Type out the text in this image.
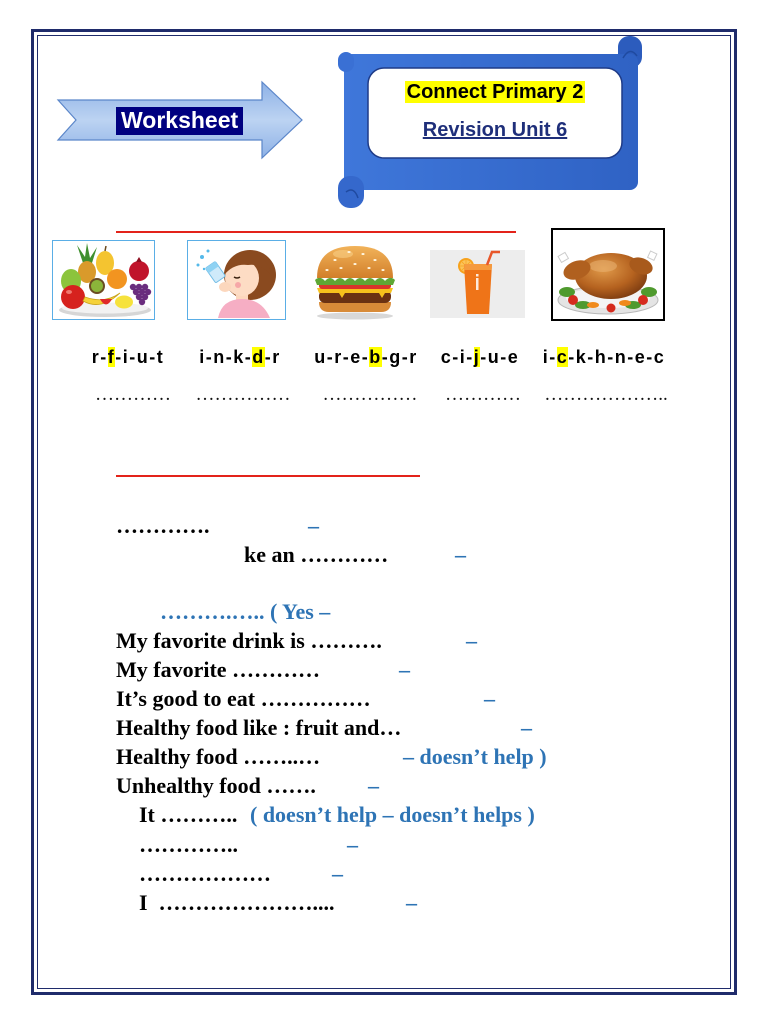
Worksheet
Connect Primary 2
Revision Unit 6
r-f-i-u-t	i-n-k-d-r	u-r-e-b-g-r	c-i-j-u-e	i-c-k-h-n-e-c
…………	……………	……………	…………	………………..
………….	–
ke an …………	–
……….….. ( Yes –
My favorite drink is ……….	–
My favorite …………	–
It’s good to eat ……………	–
Healthy food like : fruit and…	–
Healthy food ……..…	– doesn’t help )
Unhealthy food ……. –
It ……….. ( doesn’t help – doesn’t helps )
…………..	–
………………	–
I  …………………....	–
